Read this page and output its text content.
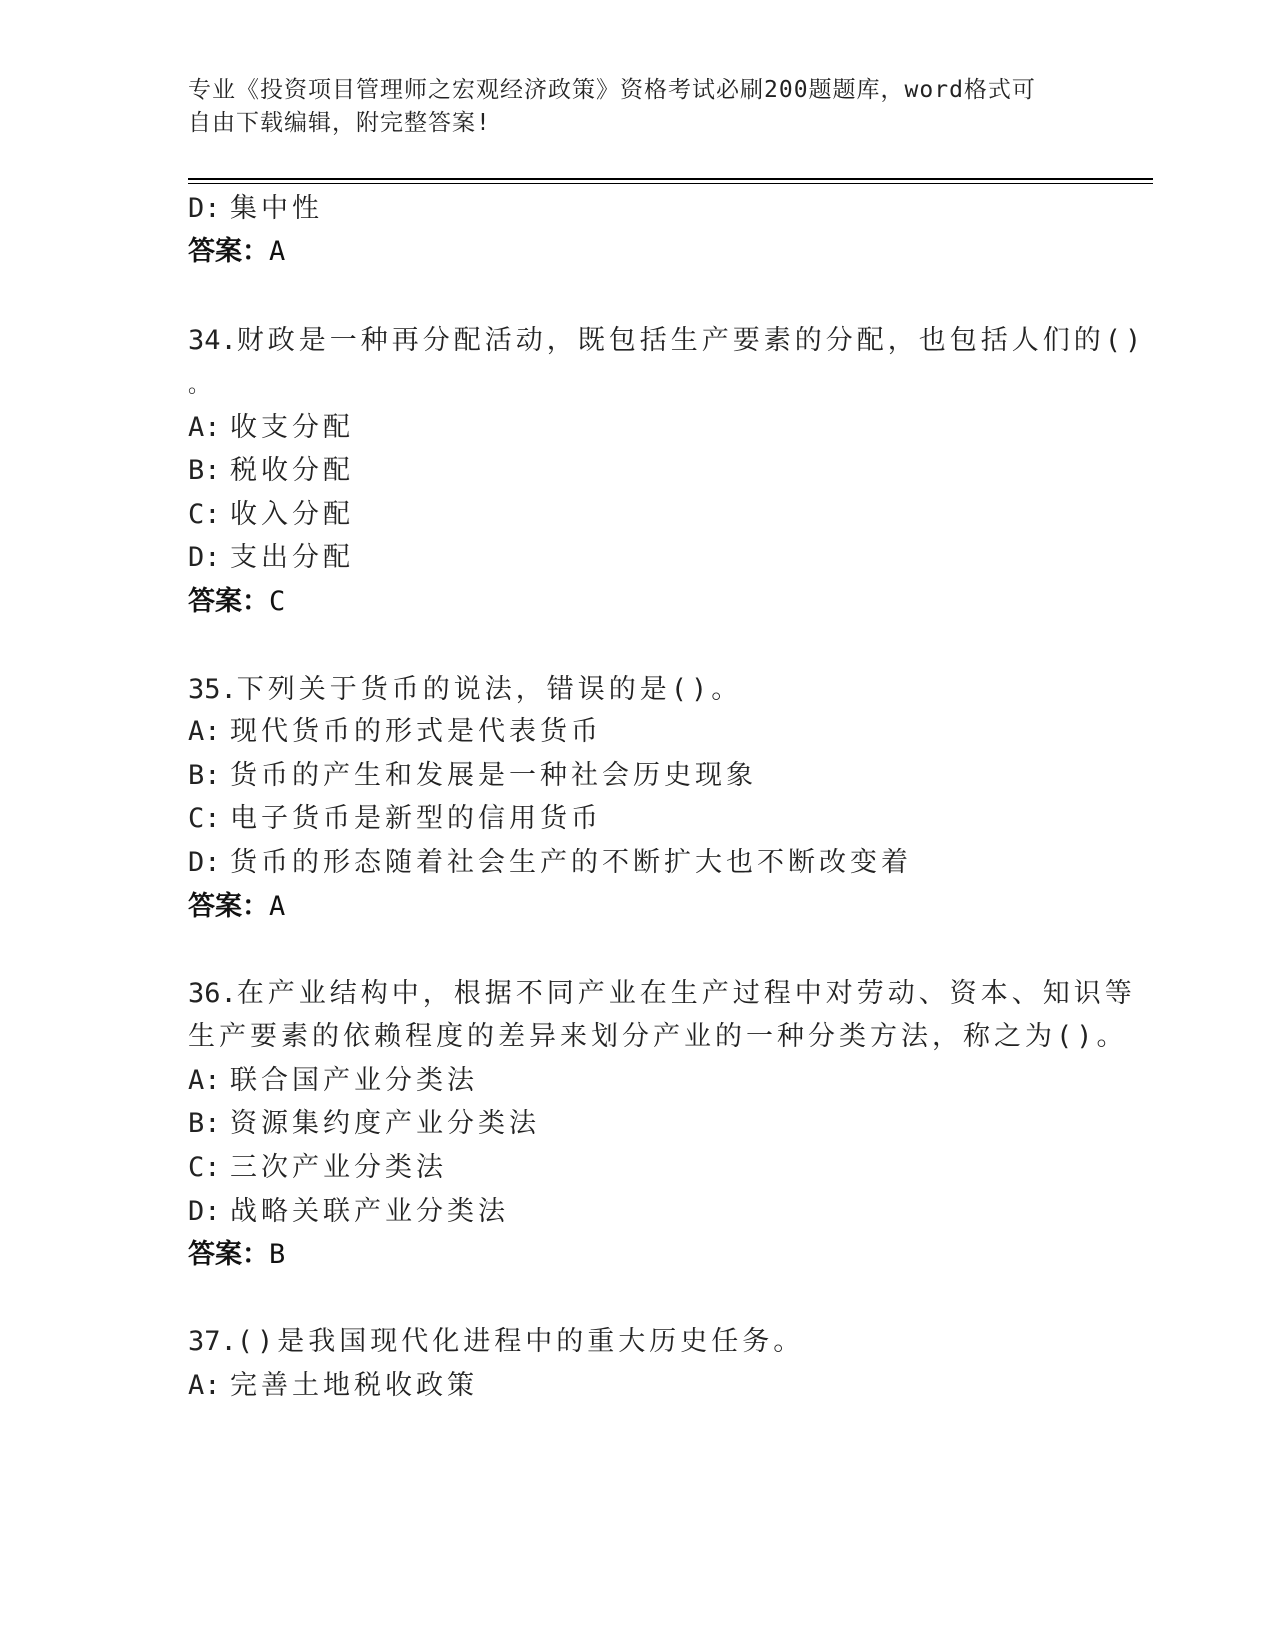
专业《投资项目管理师之宏观经济政策》资格考试必刷200题题库，word格式可
自由下载编辑，附完整答案!
D: 集中性
答案：A
34.财政是一种再分配活动，既包括生产要素的分配，也包括人们的()
。
A: 收支分配
B: 税收分配
C: 收入分配
D: 支出分配
答案：C
35.下列关于货币的说法，错误的是()。
A: 现代货币的形式是代表货币
B: 货币的产生和发展是一种社会历史现象
C: 电子货币是新型的信用货币
D: 货币的形态随着社会生产的不断扩大也不断改变着
答案：A
36.在产业结构中，根据不同产业在生产过程中对劳动、资本、知识等
生产要素的依赖程度的差异来划分产业的一种分类方法，称之为()。
A: 联合国产业分类法
B: 资源集约度产业分类法
C: 三次产业分类法
D: 战略关联产业分类法
答案：B
37.()是我国现代化进程中的重大历史任务。
A: 完善土地税收政策
